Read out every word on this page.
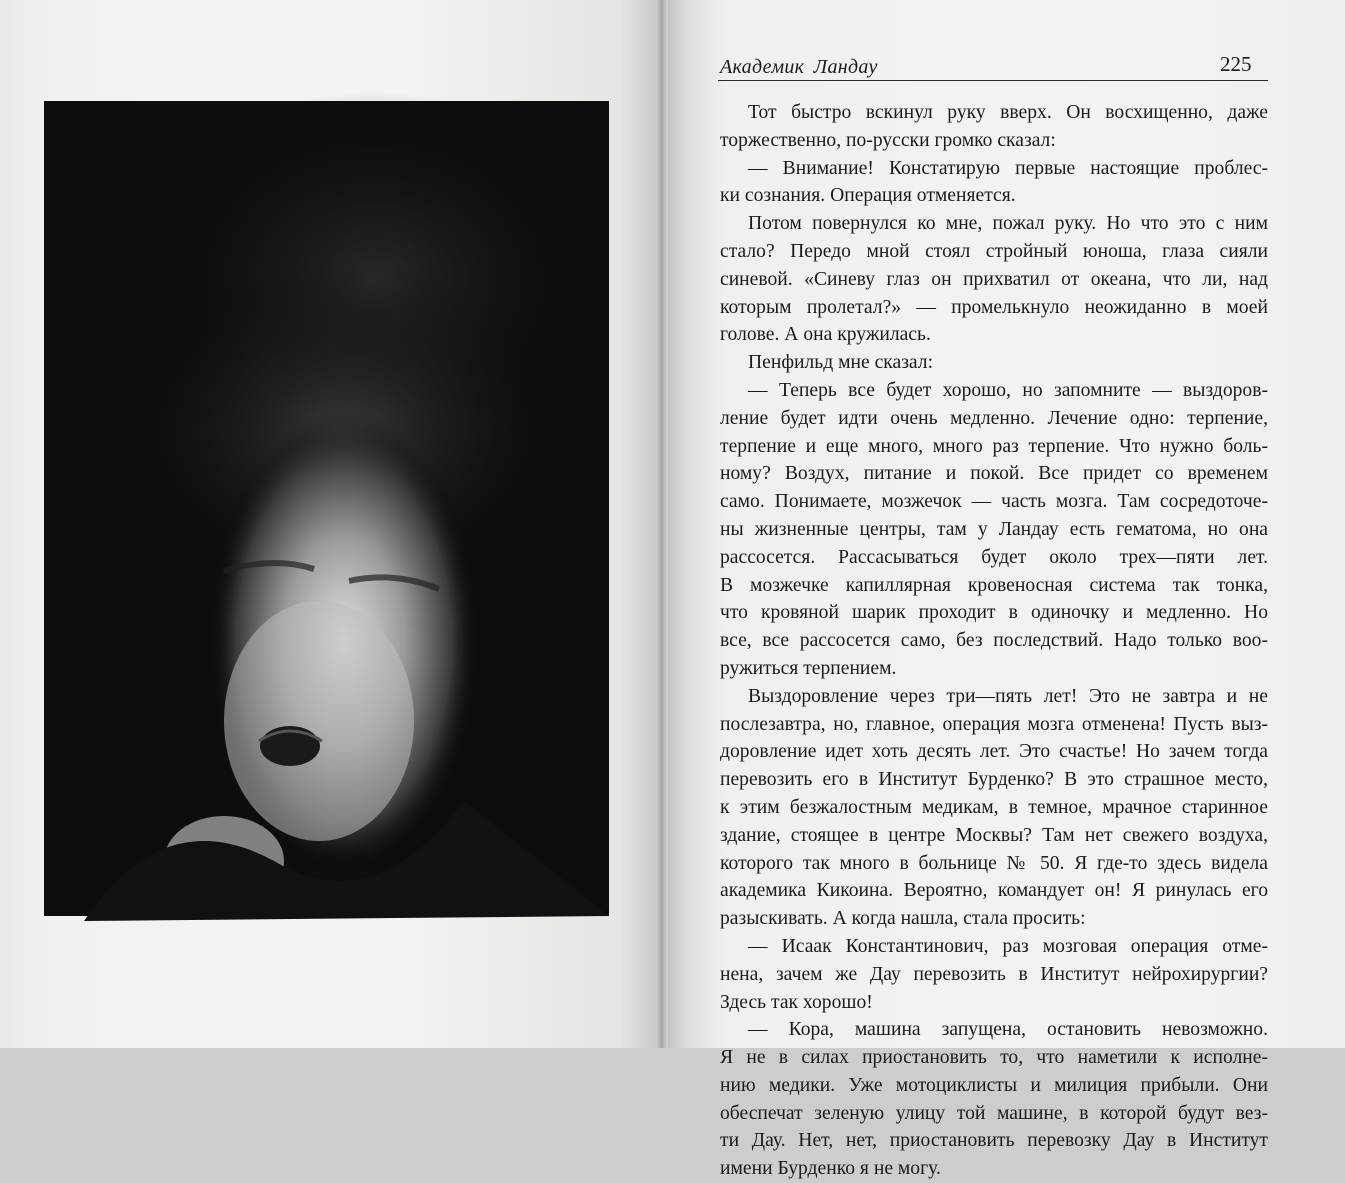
Академик Ландау	225
Тот быстро вскинул руку вверх. Он восхищенно, даже
торжественно, по-русски громко сказал:
— Внимание! Констатирую первые настоящие проблес-
ки сознания. Операция отменяется.
Потом повернулся ко мне, пожал руку. Но что это с ним
стало? Передо мной стоял стройный юноша, глаза сияли
синевой. «Синеву глаз он прихватил от океана, что ли, над
которым пролетал?» — промелькнуло неожиданно в моей
голове. А она кружилась.
Пенфильд мне сказал:
— Теперь все будет хорошо, но запомните — выздоров-
ление будет идти очень медленно. Лечение одно: терпение,
терпение и еще много, много раз терпение. Что нужно боль-
ному? Воздух, питание и покой. Все придет со временем
само. Понимаете, мозжечок — часть мозга. Там сосредоточе-
ны жизненные центры, там у Ландау есть гематома, но она
рассосется. Рассасываться будет около трех—пяти лет.
В мозжечке капиллярная кровеносная система так тонка,
что кровяной шарик проходит в одиночку и медленно. Но
все, все рассосется само, без последствий. Надо только воо-
ружиться терпением.
Выздоровление через три—пять лет! Это не завтра и не
послезавтра, но, главное, операция мозга отменена! Пусть выз-
доровление идет хоть десять лет. Это счастье! Но зачем тогда
перевозить его в Институт Бурденко? В это страшное место,
к этим безжалостным медикам, в темное, мрачное старинное
здание, стоящее в центре Москвы? Там нет свежего воздуха,
которого так много в больнице № 50. Я где-то здесь видела
академика Кикоина. Вероятно, командует он! Я ринулась его
разыскивать. А когда нашла, стала просить:
— Исаак Константинович, раз мозговая операция отме-
нена, зачем же Дау перевозить в Институт нейрохирургии?
Здесь так хорошо!
— Кора, машина запущена, остановить невозможно.
Я не в силах приостановить то, что наметили к исполне-
нию медики. Уже мотоциклисты и милиция прибыли. Они
обеспечат зеленую улицу той машине, в которой будут вез-
ти Дау. Нет, нет, приостановить перевозку Дау в Институт
имени Бурденко я не могу.
